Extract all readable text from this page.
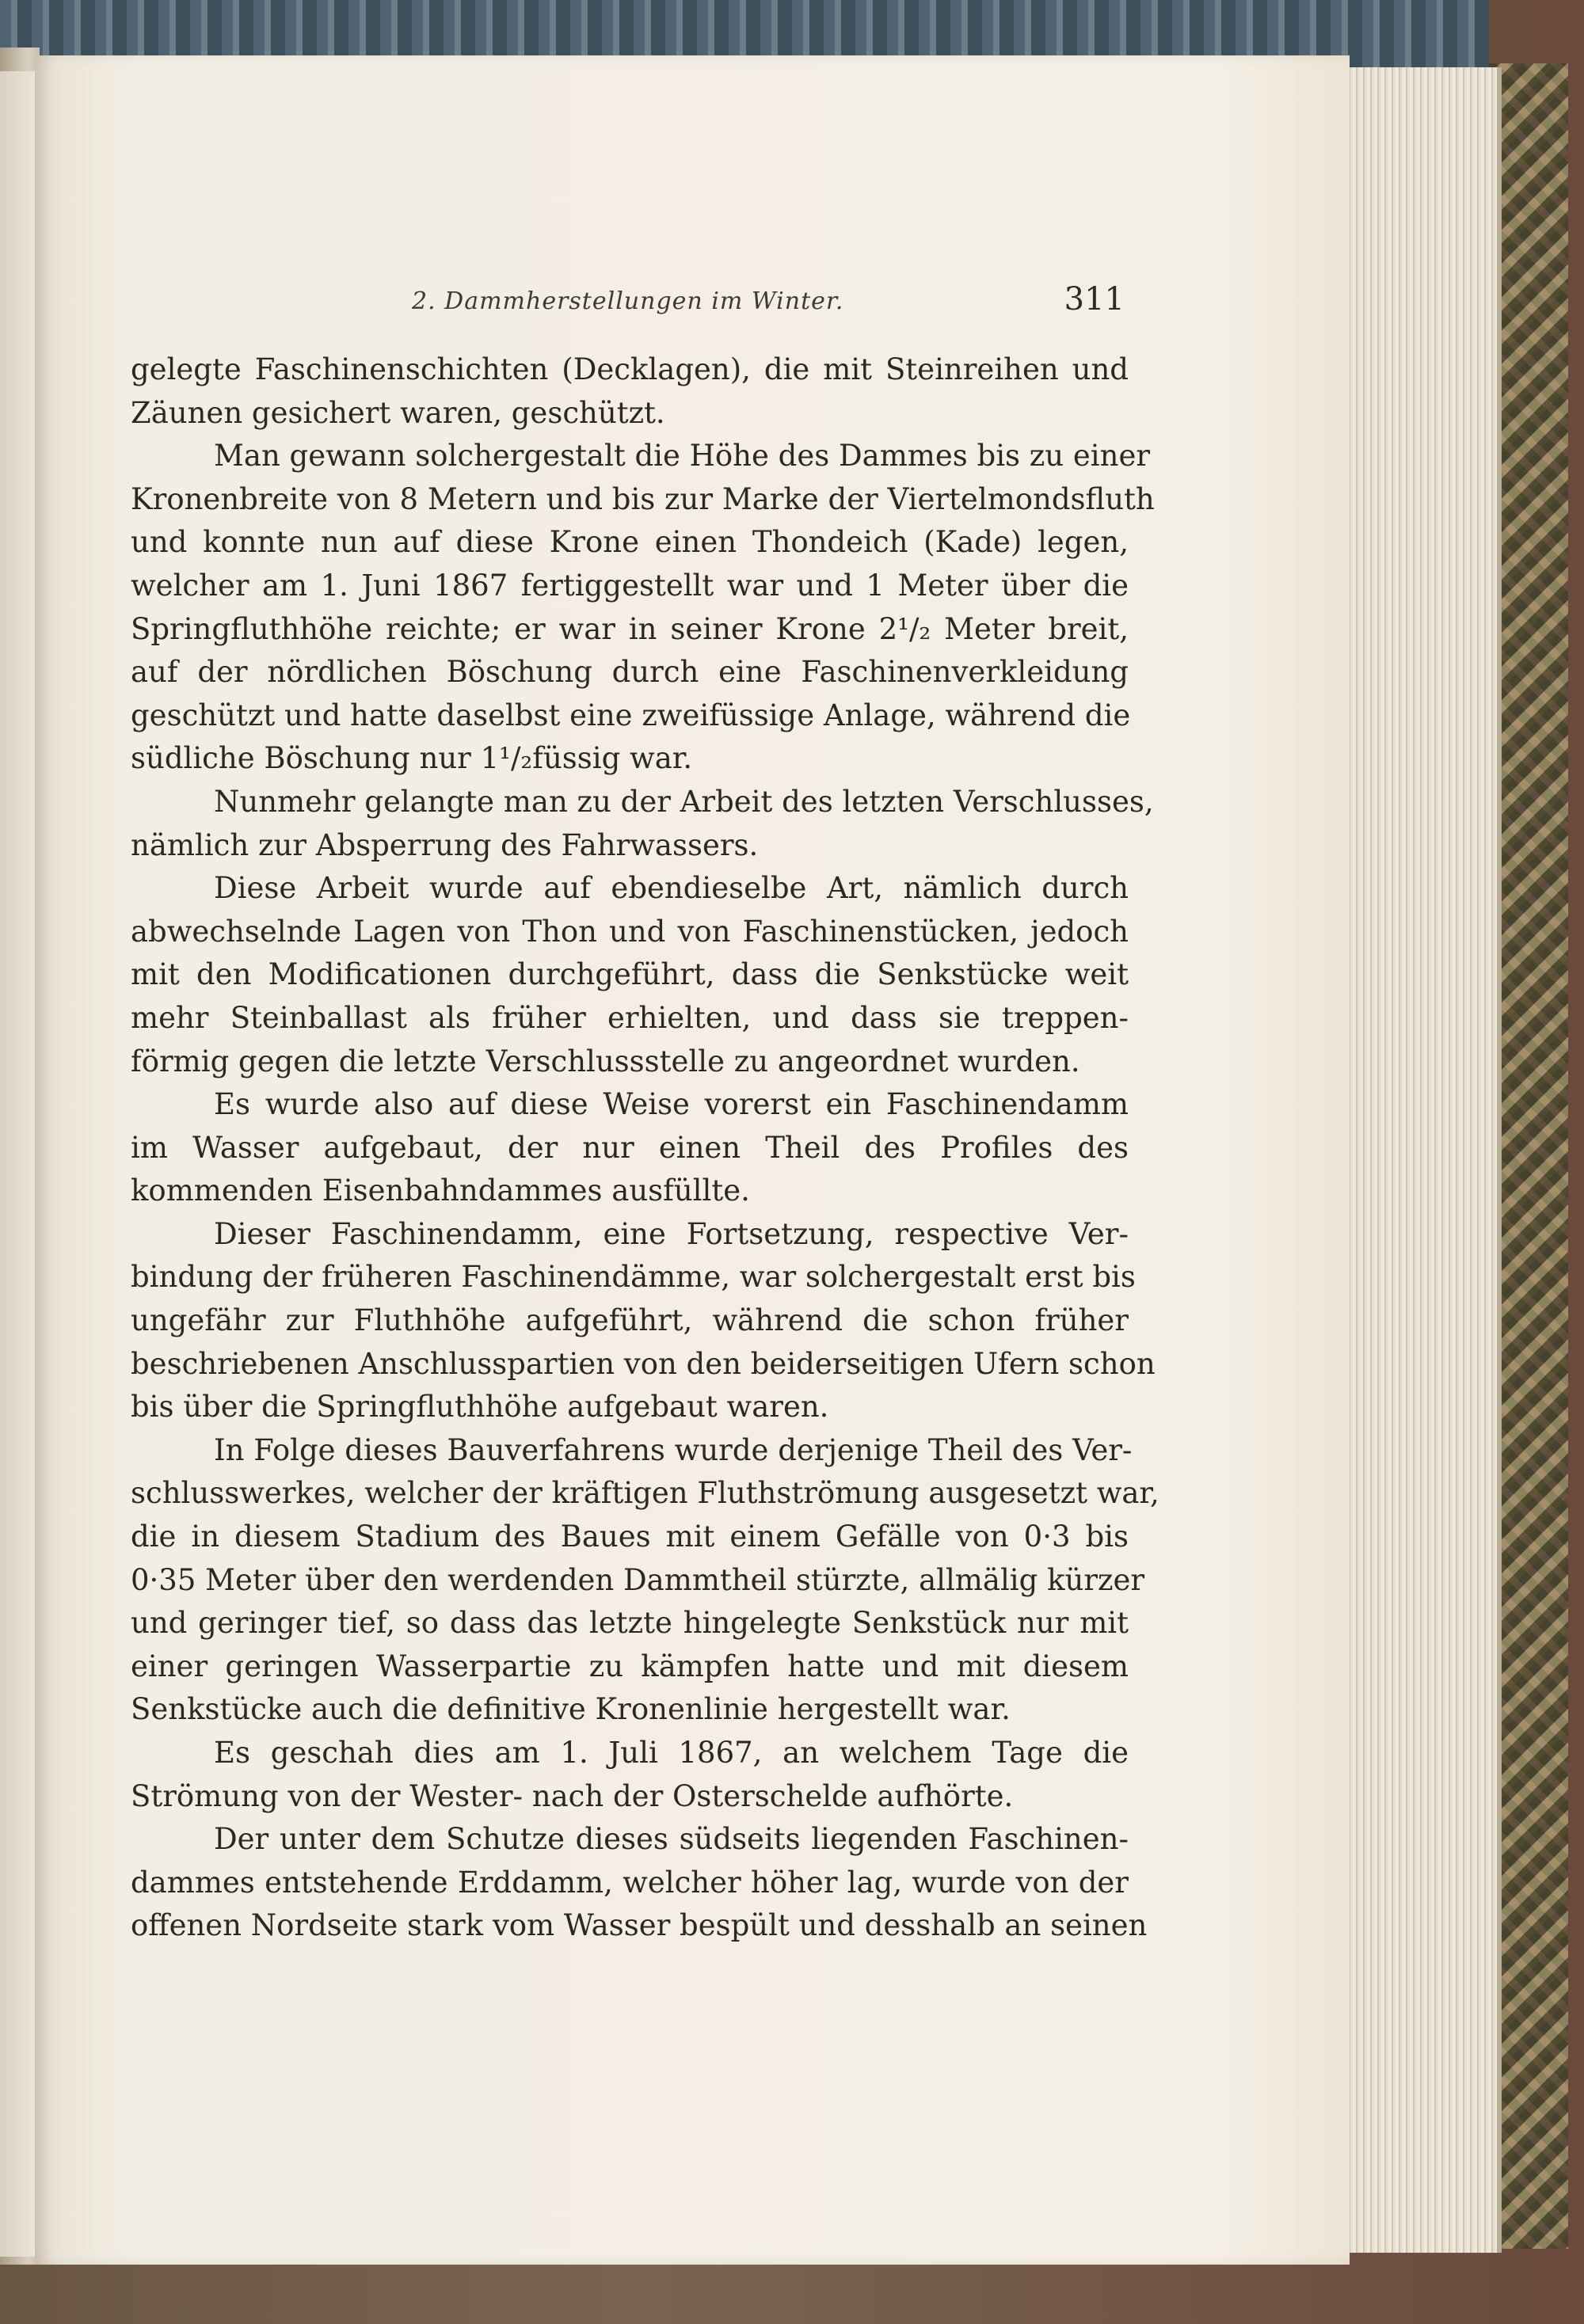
2. Dammherstellungen im Winter.	311
gelegte Faschinenschichten (Decklagen), die mit Steinreihen und
Zäunen gesichert waren, geschützt.
Man gewann solchergestalt die Höhe des Dammes bis zu einer
Kronenbreite von 8 Metern und bis zur Marke der Viertelmondsfluth
und konnte nun auf diese Krone einen Thondeich (Kade) legen,
welcher am 1. Juni 1867 fertiggestellt war und 1 Meter über die
Springfluthhöhe reichte; er war in seiner Krone 2¹/₂ Meter breit,
auf der nördlichen Böschung durch eine Faschinenverkleidung
geschützt und hatte daselbst eine zweifüssige Anlage, während die
südliche Böschung nur 1¹/₂füssig war.
Nunmehr gelangte man zu der Arbeit des letzten Verschlusses,
nämlich zur Absperrung des Fahrwassers.
Diese Arbeit wurde auf ebendieselbe Art, nämlich durch
abwechselnde Lagen von Thon und von Faschinenstücken, jedoch
mit den Modificationen durchgeführt, dass die Senkstücke weit
mehr Steinballast als früher erhielten, und dass sie treppen-
förmig gegen die letzte Verschlussstelle zu angeordnet wurden.
Es wurde also auf diese Weise vorerst ein Faschinendamm
im Wasser aufgebaut, der nur einen Theil des Profiles des
kommenden Eisenbahndammes ausfüllte.
Dieser Faschinendamm, eine Fortsetzung, respective Ver-
bindung der früheren Faschinendämme, war solchergestalt erst bis
ungefähr zur Fluthhöhe aufgeführt, während die schon früher
beschriebenen Anschlusspartien von den beiderseitigen Ufern schon
bis über die Springfluthhöhe aufgebaut waren.
In Folge dieses Bauverfahrens wurde derjenige Theil des Ver-
schlusswerkes, welcher der kräftigen Fluthströmung ausgesetzt war,
die in diesem Stadium des Baues mit einem Gefälle von 0·3 bis
0·35 Meter über den werdenden Dammtheil stürzte, allmälig kürzer
und geringer tief, so dass das letzte hingelegte Senkstück nur mit
einer geringen Wasserpartie zu kämpfen hatte und mit diesem
Senkstücke auch die definitive Kronenlinie hergestellt war.
Es geschah dies am 1. Juli 1867, an welchem Tage die
Strömung von der Wester- nach der Osterschelde aufhörte.
Der unter dem Schutze dieses südseits liegenden Faschinen-
dammes entstehende Erddamm, welcher höher lag, wurde von der
offenen Nordseite stark vom Wasser bespült und desshalb an seinen
